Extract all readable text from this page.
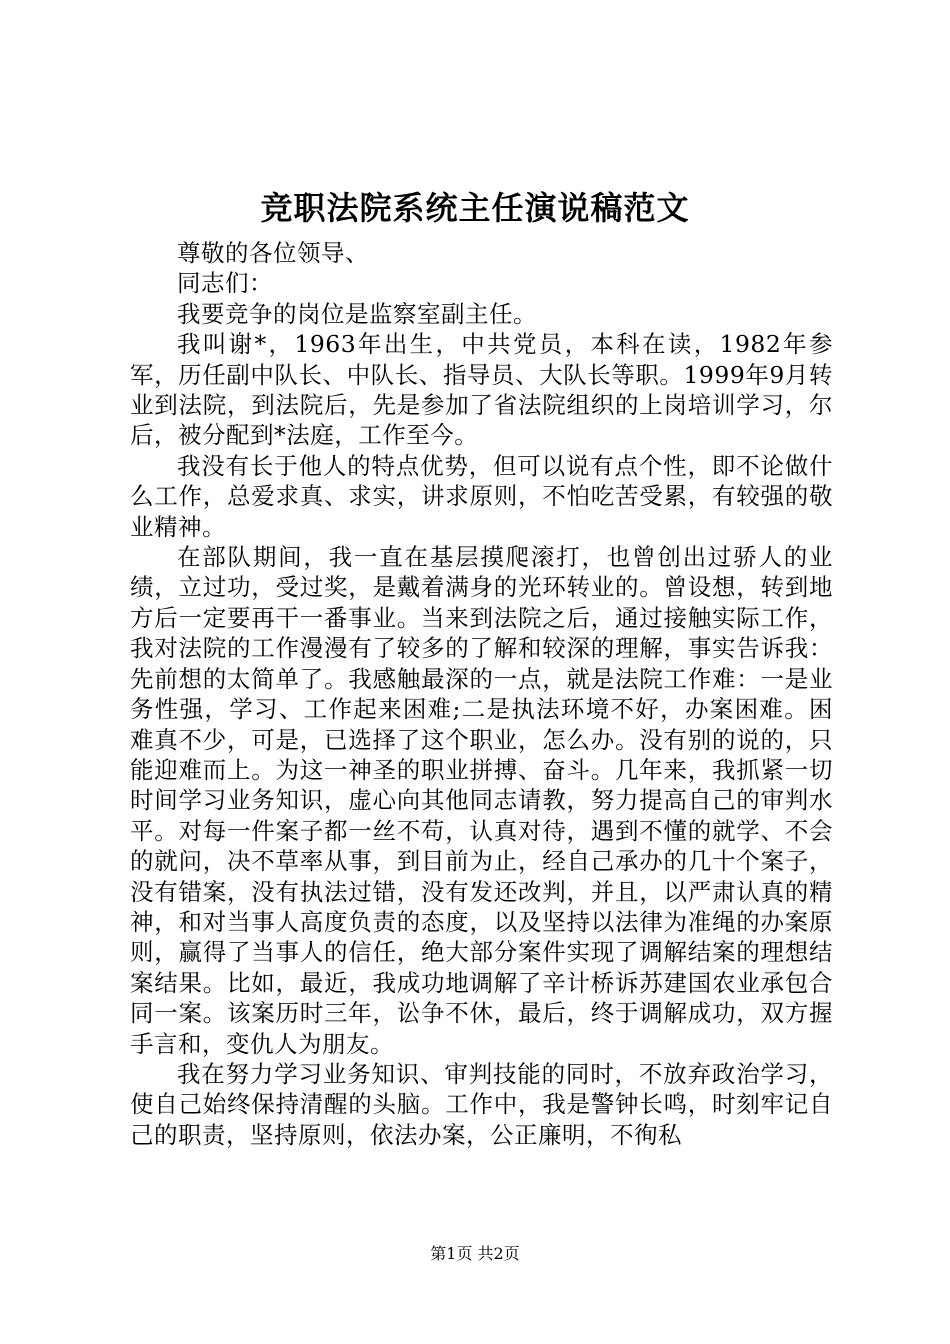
竞职法院系统主任演说稿范文

尊敬的各位领导、

同志们：

我要竞争的岗位是监察室副主任。

我叫谢*，1963年出生，中共党员，本科在读，1982年参军，历任副中队长、中队长、指导员、大队长等职。1999年9月转业到法院，到法院后，先是参加了省法院组织的上岗培训学习，尔后，被分配到*法庭，工作至今。

我没有长于他人的特点优势，但可以说有点个性，即不论做什么工作，总爱求真、求实，讲求原则，不怕吃苦受累，有较强的敬业精神。

在部队期间，我一直在基层摸爬滚打，也曾创出过骄人的业绩，立过功，受过奖，是戴着满身的光环转业的。曾设想，转到地方后一定要再干一番事业。当来到法院之后，通过接触实际工作，我对法院的工作漫漫有了较多的了解和较深的理解，事实告诉我：先前想的太简单了。我感触最深的一点，就是法院工作难：一是业务性强，学习、工作起来困难;二是执法环境不好，办案困难。困难真不少，可是，已选择了这个职业，怎么办。没有别的说的，只能迎难而上。为这一神圣的职业拼搏、奋斗。几年来，我抓紧一切时间学习业务知识，虚心向其他同志请教，努力提高自己的审判水平。对每一件案子都一丝不苟，认真对待，遇到不懂的就学、不会的就问，决不草率从事，到目前为止，经自己承办的几十个案子，没有错案，没有执法过错，没有发还改判，并且，以严肃认真的精神，和对当事人高度负责的态度，以及坚持以法律为准绳的办案原则，赢得了当事人的信任，绝大部分案件实现了调解结案的理想结案结果。比如，最近，我成功地调解了辛计桥诉苏建国农业承包合同一案。该案历时三年，讼争不休，最后，终于调解成功，双方握手言和，变仇人为朋友。

我在努力学习业务知识、审判技能的同时，不放弃政治学习，使自己始终保持清醒的头脑。工作中，我是警钟长鸣，时刻牢记自己的职责，坚持原则，依法办案，公正廉明，不徇私

第1页 共2页
